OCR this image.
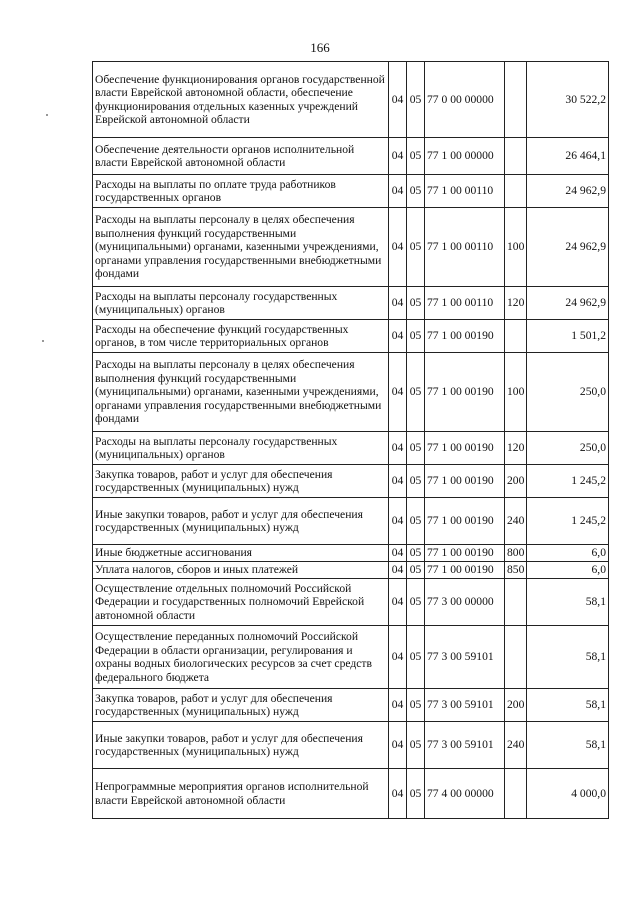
166
Обеспечение функционирования органов государственной власти Еврейской автономной области, обеспечение функционирования отдельных казенных учреждений Еврейской автономной области	04	05	77 0 00 00000		30 522,2
Обеспечение деятельности органов исполнительной власти Еврейской автономной области	04	05	77 1 00 00000		26 464,1
Расходы на выплаты по оплате труда работников государственных органов	04	05	77 1 00 00110		24 962,9
Расходы на выплаты персоналу в целях обеспечения выполнения функций государственными (муниципальными) органами, казенными учреждениями, органами управления государственными внебюджетными фондами	04	05	77 1 00 00110	100	24 962,9
Расходы на выплаты персоналу государственных (муниципальных) органов	04	05	77 1 00 00110	120	24 962,9
Расходы на обеспечение функций государственных органов, в том числе территориальных органов	04	05	77 1 00 00190		1 501,2
Расходы на выплаты персоналу в целях обеспечения выполнения функций государственными (муниципальными) органами, казенными учреждениями, органами управления государственными внебюджетными фондами	04	05	77 1 00 00190	100	250,0
Расходы на выплаты персоналу государственных (муниципальных) органов	04	05	77 1 00 00190	120	250,0
Закупка товаров, работ и услуг для обеспечения государственных (муниципальных) нужд	04	05	77 1 00 00190	200	1 245,2
Иные закупки товаров, работ и услуг для обеспечения государственных (муниципальных) нужд	04	05	77 1 00 00190	240	1 245,2
Иные бюджетные ассигнования	04	05	77 1 00 00190	800	6,0
Уплата налогов, сборов и иных платежей	04	05	77 1 00 00190	850	6,0
Осуществление отдельных полномочий Российской Федерации и государственных полномочий Еврейской автономной области	04	05	77 3 00 00000		58,1
Осуществление переданных полномочий Российской Федерации в области организации, регулирования и охраны водных биологических ресурсов за счет средств федерального бюджета	04	05	77 3 00 59101		58,1
Закупка товаров, работ и услуг для обеспечения государственных (муниципальных) нужд	04	05	77 3 00 59101	200	58,1
Иные закупки товаров, работ и услуг для обеспечения государственных (муниципальных) нужд	04	05	77 3 00 59101	240	58,1
Непрограммные мероприятия органов исполнительной власти Еврейской автономной области	04	05	77 4 00 00000		4 000,0
